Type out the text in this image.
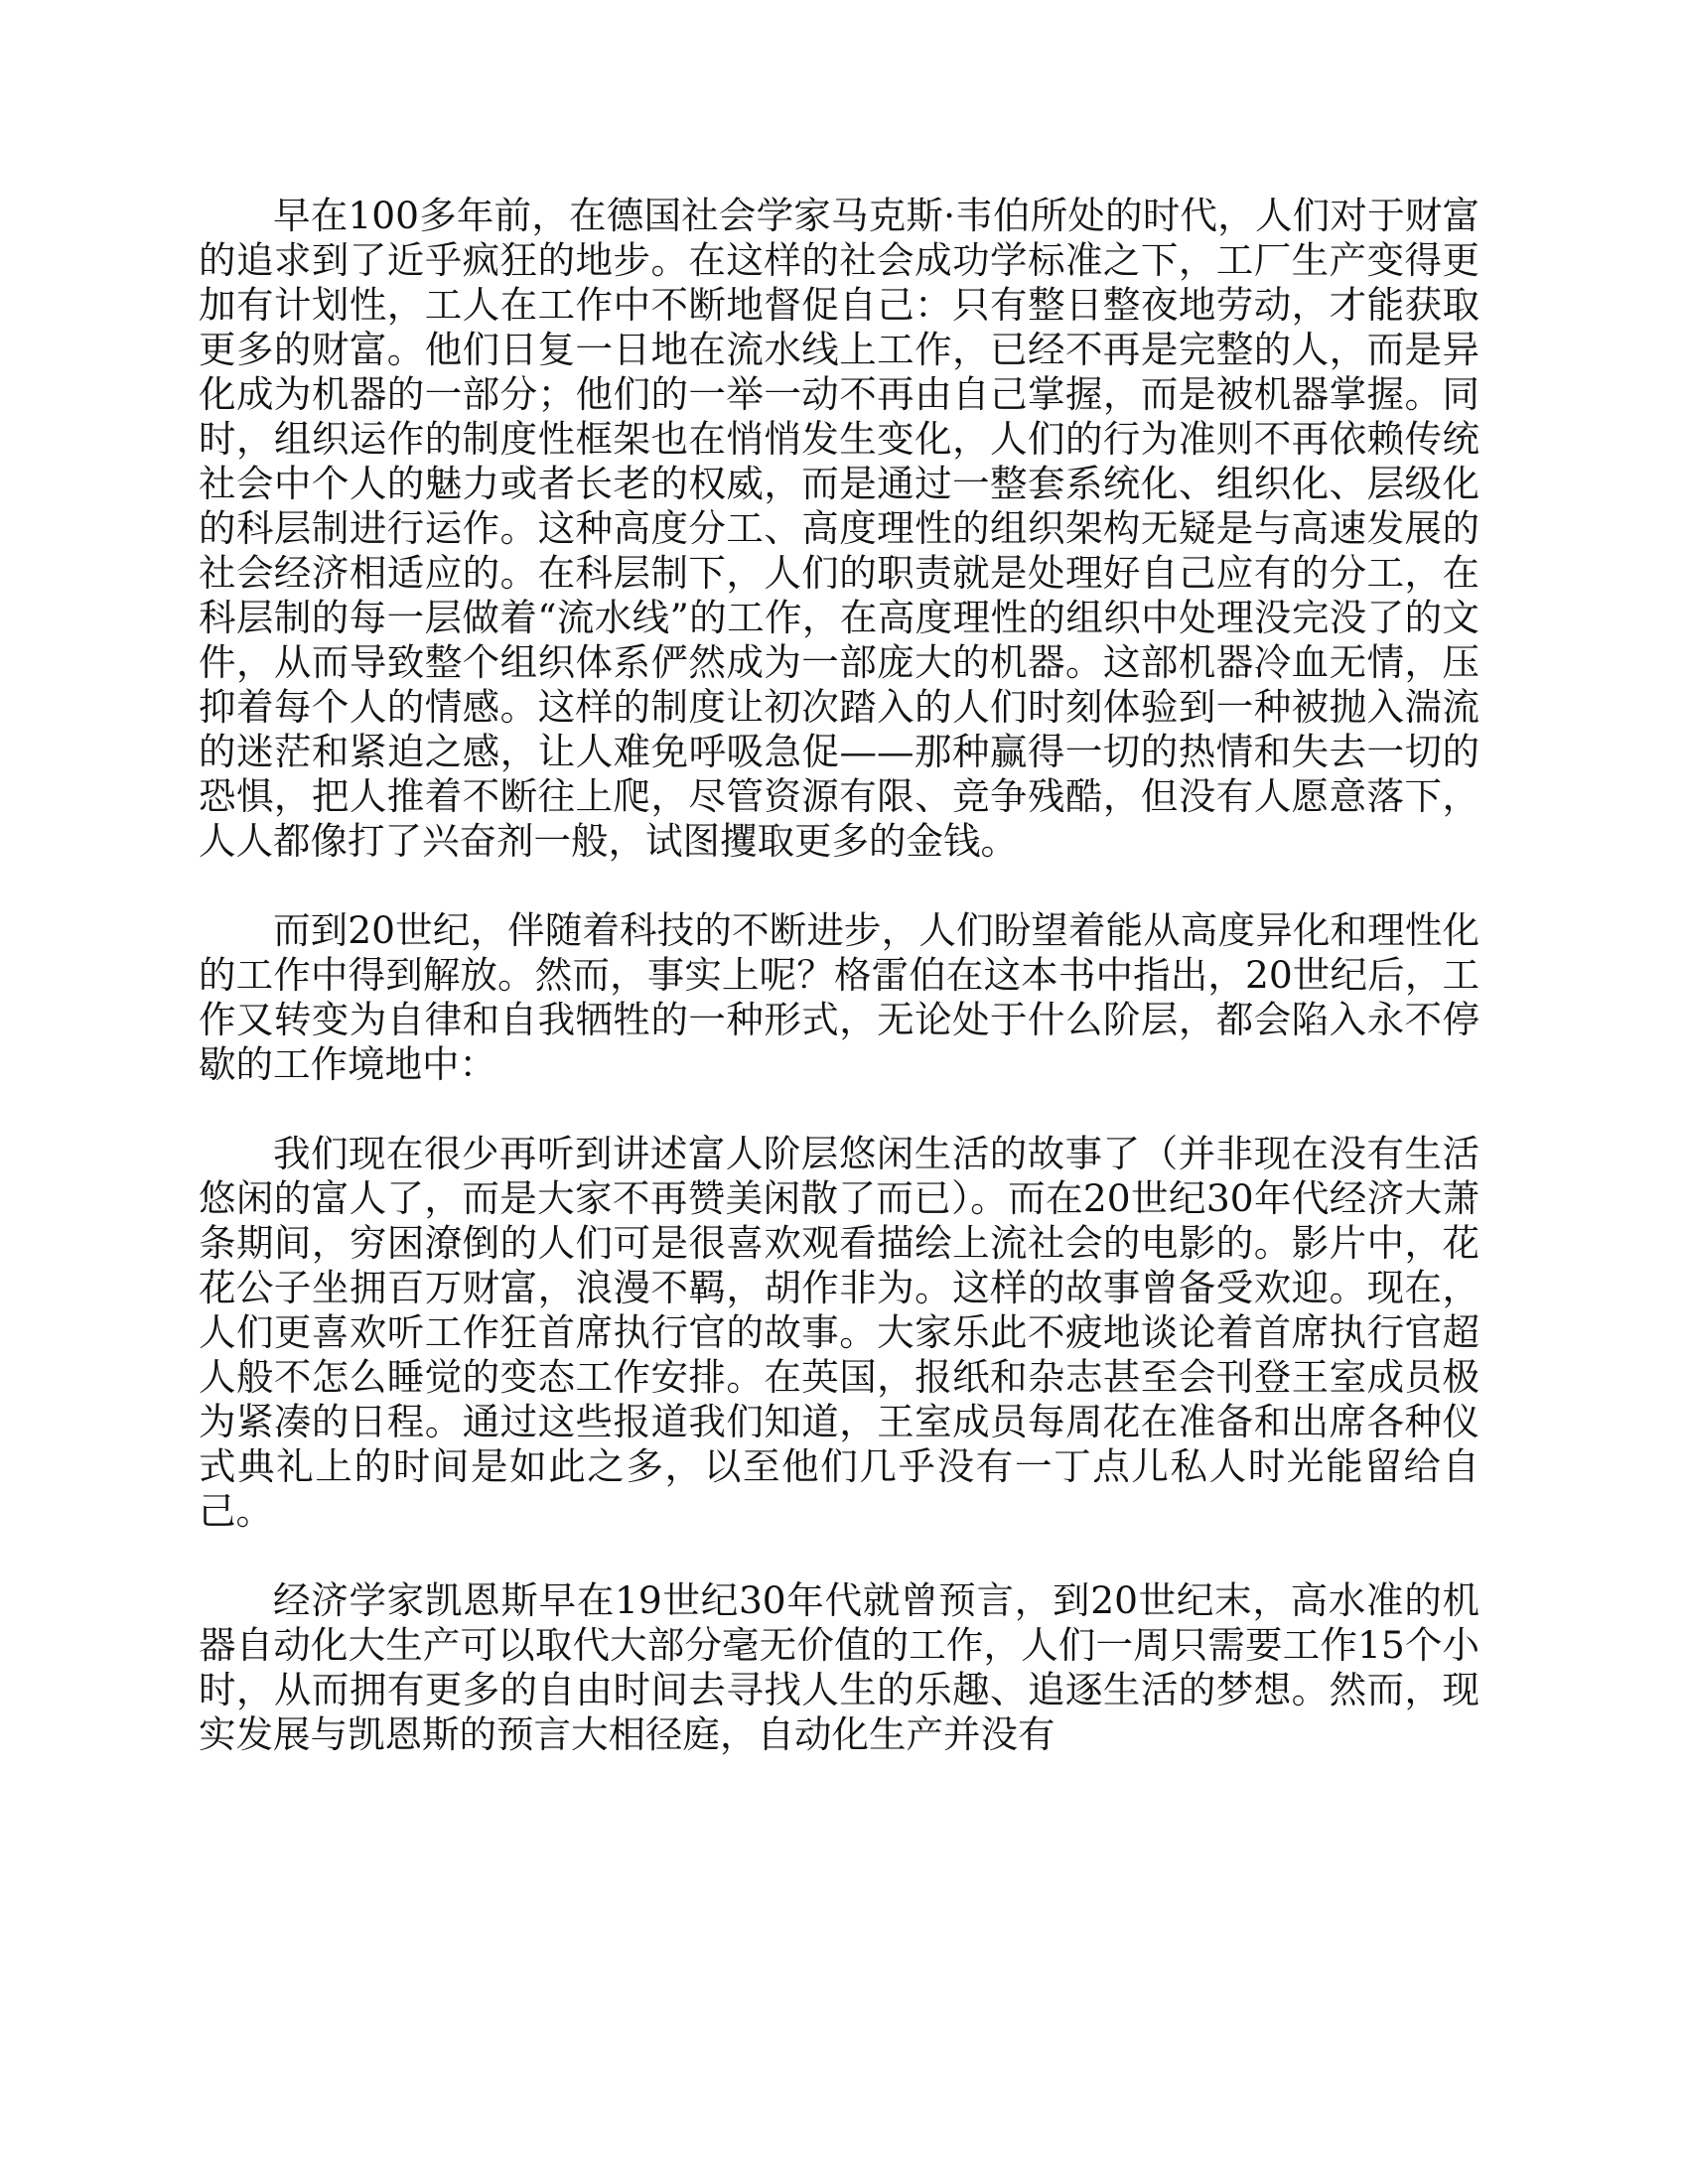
早在100多年前，在德国社会学家马克斯·韦伯所处的时代，人们对于财富的追求到了近乎疯狂的地步。在这样的社会成功学标准之下，工厂生产变得更加有计划性，工人在工作中不断地督促自己：只有整日整夜地劳动，才能获取更多的财富。他们日复一日地在流水线上工作，已经不再是完整的人，而是异化成为机器的一部分；他们的一举一动不再由自己掌握，而是被机器掌握。同时，组织运作的制度性框架也在悄悄发生变化，人们的行为准则不再依赖传统社会中个人的魅力或者长老的权威，而是通过一整套系统化、组织化、层级化的科层制进行运作。这种高度分工、高度理性的组织架构无疑是与高速发展的社会经济相适应的。在科层制下，人们的职责就是处理好自己应有的分工，在科层制的每一层做着“流水线”的工作，在高度理性的组织中处理没完没了的文件，从而导致整个组织体系俨然成为一部庞大的机器。这部机器冷血无情，压抑着每个人的情感。这样的制度让初次踏入的人们时刻体验到一种被抛入湍流的迷茫和紧迫之感，让人难免呼吸急促——那种赢得一切的热情和失去一切的恐惧，把人推着不断往上爬，尽管资源有限、竞争残酷，但没有人愿意落下，人人都像打了兴奋剂一般，试图攫取更多的金钱。

而到20世纪，伴随着科技的不断进步，人们盼望着能从高度异化和理性化的工作中得到解放。然而，事实上呢？格雷伯在这本书中指出，20世纪后，工作又转变为自律和自我牺牲的一种形式，无论处于什么阶层，都会陷入永不停歇的工作境地中：

我们现在很少再听到讲述富人阶层悠闲生活的故事了（并非现在没有生活悠闲的富人了，而是大家不再赞美闲散了而已）。而在20世纪30年代经济大萧条期间，穷困潦倒的人们可是很喜欢观看描绘上流社会的电影的。影片中，花花公子坐拥百万财富，浪漫不羁，胡作非为。这样的故事曾备受欢迎。现在，人们更喜欢听工作狂首席执行官的故事。大家乐此不疲地谈论着首席执行官超人般不怎么睡觉的变态工作安排。在英国，报纸和杂志甚至会刊登王室成员极为紧凑的日程。通过这些报道我们知道，王室成员每周花在准备和出席各种仪式典礼上的时间是如此之多，以至他们几乎没有一丁点儿私人时光能留给自己。

经济学家凯恩斯早在19世纪30年代就曾预言，到20世纪末，高水准的机器自动化大生产可以取代大部分毫无价值的工作，人们一周只需要工作15个小时，从而拥有更多的自由时间去寻找人生的乐趣、追逐生活的梦想。然而，现实发展与凯恩斯的预言大相径庭，自动化生产并没有
